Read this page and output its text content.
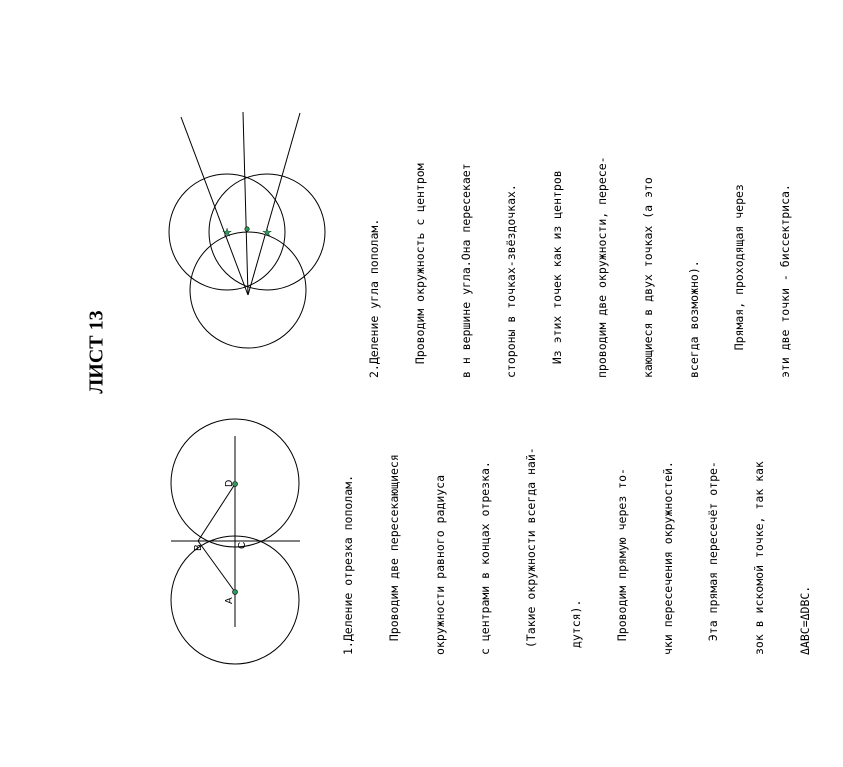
ЛИСТ 13
A
B	C
D
★	★

1.Деление отрезка пополам.

	Проводим две пересекающиеся

	окружности равного радиуса

	с центрами в концах отрезка.

	(Такие окружности всегда най-

	дутся).

	Проводим прямую через то-

	чки пересечения окружностей.

	Эта прямая пересечёт отре-

	зок в искомой точке, так как

	ΔABC=ΔDBC.

2.Деление угла пополам.

	Проводим окружность с центром

	в н вершине угла.Она пересекает

	стороны в точках-звёздочках.

	Из этих точек как из центров

	проводим две окружности, пересе-

	кающиеся в двух точках (а это

	всегда возможно).

	Прямая, проходящая через

	эти две точки - биссектриса.
